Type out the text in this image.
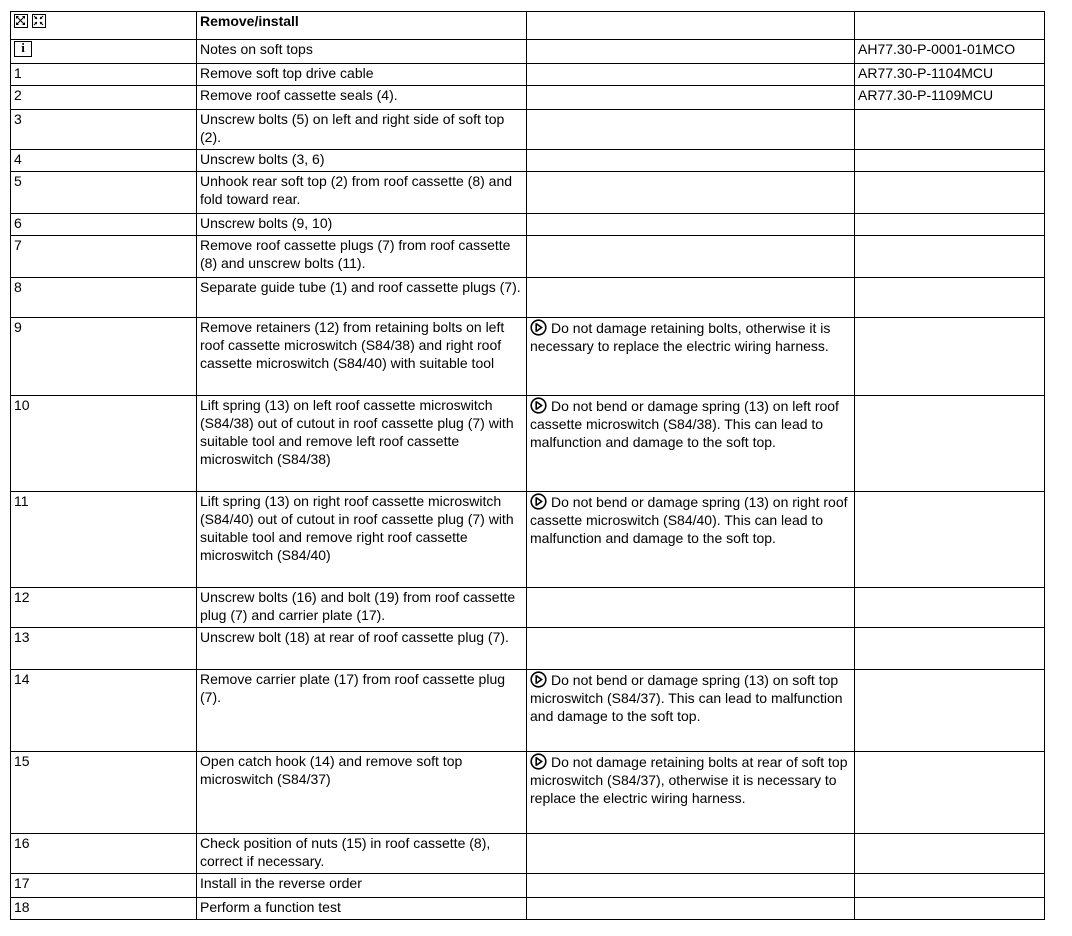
	Remove/install		

i	Notes on soft tops		AH77.30-P-0001-01MCO
1	Remove soft top drive cable		AR77.30-P-1104MCU
2	Remove roof cassette seals (4).		AR77.30-P-1109MCU
3	Unscrew bolts (5) on left and right side of soft top (2).		
4	Unscrew bolts (3, 6)		
5	Unhook rear soft top (2) from roof cassette (8) and fold toward rear.		
6	Unscrew bolts (9, 10)		
7	Remove roof cassette plugs (7) from roof cassette (8) and unscrew bolts (11).		
8	Separate guide tube (1) and roof cassette plugs (7).		
9	Remove retainers (12) from retaining bolts on left roof cassette microswitch (S84/38) and right roof cassette microswitch (S84/40) with suitable tool	Do not damage retaining bolts, otherwise it is necessary to replace the electric wiring harness.	

10	Lift spring (13) on left roof cassette microswitch (S84/38) out of cutout in roof cassette plug (7) with suitable tool and remove left roof cassette microswitch (S84/38)	Do not bend or damage spring (13) on left roof cassette microswitch (S84/38). This can lead to malfunction and damage to the soft top.	

11	Lift spring (13) on right roof cassette microswitch (S84/40) out of cutout in roof cassette plug (7) with suitable tool and remove right roof cassette microswitch (S84/40)	Do not bend or damage spring (13) on right roof cassette microswitch (S84/40). This can lead to malfunction and damage to the soft top.	

12	Unscrew bolts (16) and bolt (19) from roof cassette plug (7) and carrier plate (17).		
13	Unscrew bolt (18) at rear of roof cassette plug (7).		
14	Remove carrier plate (17) from roof cassette plug (7).	Do not bend or damage spring (13) on soft top microswitch (S84/37). This can lead to malfunction and damage to the soft top.	

15	Open catch hook (14) and remove soft top microswitch (S84/37)	Do not damage retaining bolts at rear of soft top microswitch (S84/37), otherwise it is necessary to replace the electric wiring harness.	

16	Check position of nuts (15) in roof cassette (8), correct if necessary.		
17	Install in the reverse order		
18	Perform a function test		
